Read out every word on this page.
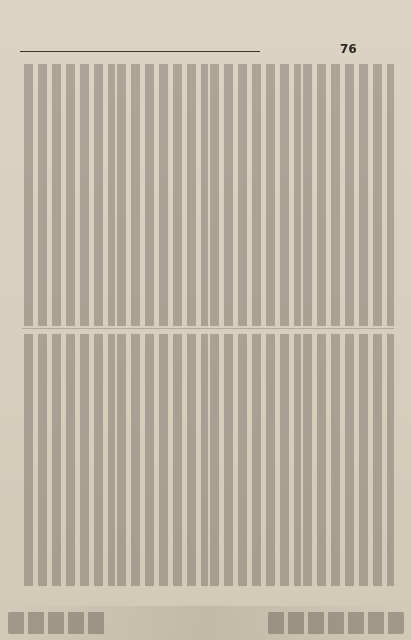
76
